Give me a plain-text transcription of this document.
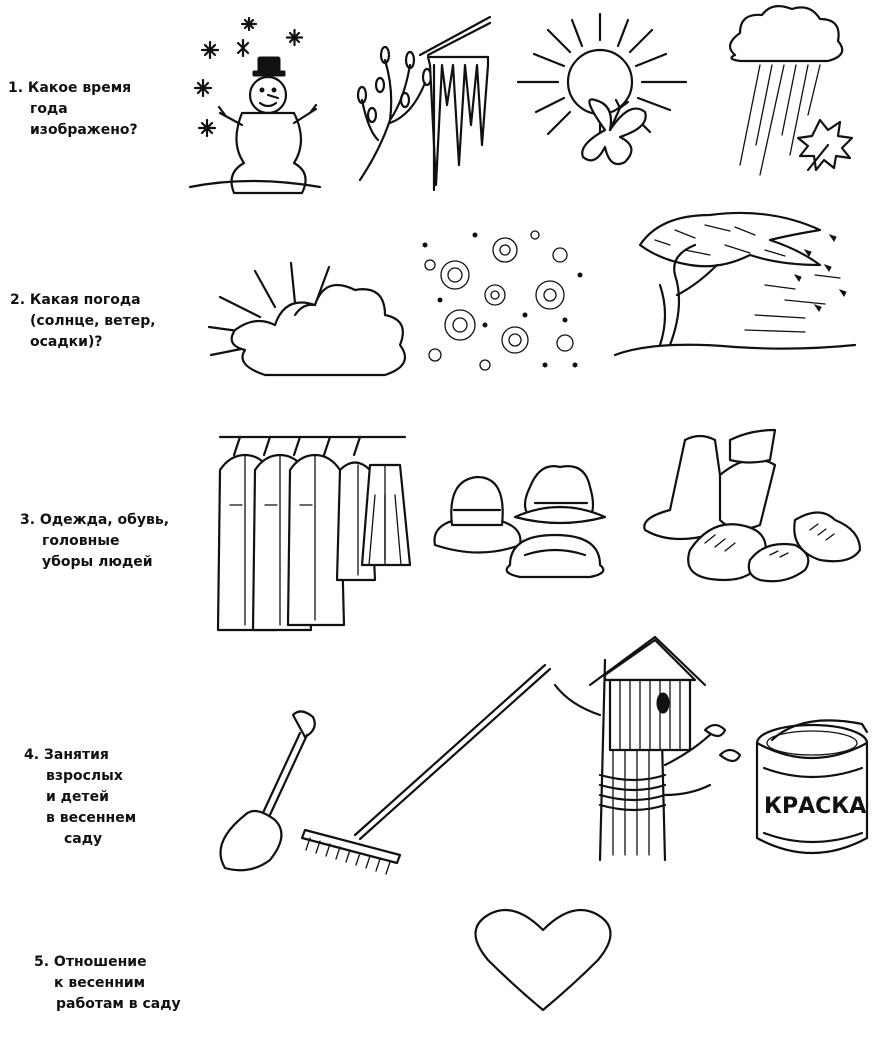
1. Какое время
года
изображено?
2. Какая погода
(солнце, ветер,
осадки)?
3. Одежда, обувь,
головные
уборы людей
4. Занятия
взрослых
и детей
в весеннем
саду
5. Отношение
к весенним
работам в саду
КРАСКА
